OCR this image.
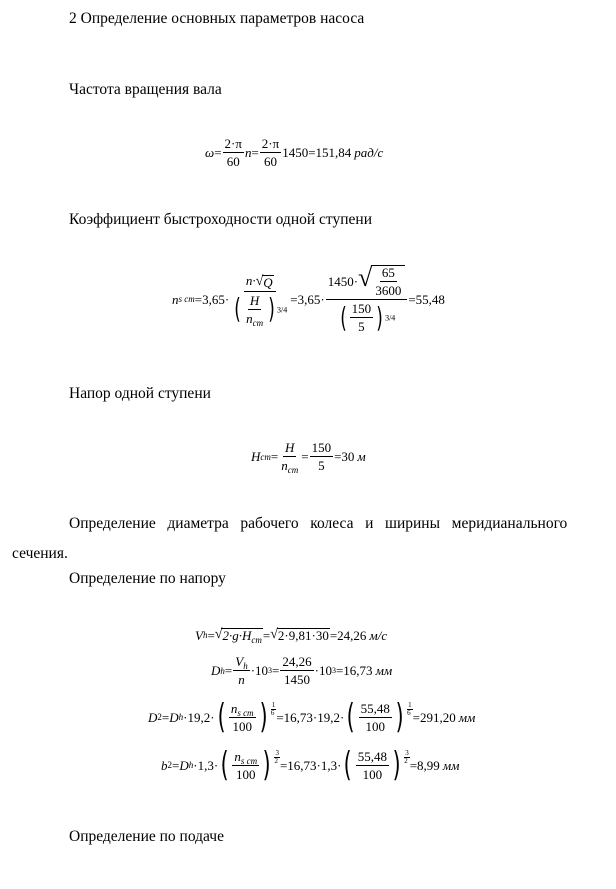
2 Определение основных параметров насоса
Частота вращения вала
$\omega = \frac{2\cdot\pi}{60}$ $n = \frac{2\cdot\pi}{60} 1450 =151,84$ рад/с
Коэффициент быстроходности одной ступени
n s ст =3,65·
n· √ Q
( H
$n_{ст}$ ) $^{3/4}$
=3,65·
1450· √ $\frac{65}{3600}$
( 150
5 ) $^{3/4}$
=55,48
Напор одной ступени
H ст =
H
$n_{ст}$
= $\frac{150}{5} =30$ м
Определение   диаметра   рабочего   колеса   и   ширины   меридианального
сечения.
Определение по напору
V h = √ $2\cdot g\cdot H_{ст}$ = √ 2·9,81·30 =24,26 м/с
D $h = \frac{V_h}{n} \cdot 10$ $3 = \frac{24,26}{1450} \cdot 10$ 3 =16,73 мм
D 2 = D h ·19,2· ( $n_{s ст}$
100 ) $\frac{1}{6}$
=16,73·19,2· ( $\frac{55,48}{100}$ ) $\frac{1}{6}$
=291,20 мм
b 2 = D h ·1,3· ( $n_{s ст}$
100 ) $\frac{3}{2}$
=16,73·1,3· ( $\frac{55,48}{100}$ ) $\frac{3}{2}$
=8,99 мм
Определение по подаче
